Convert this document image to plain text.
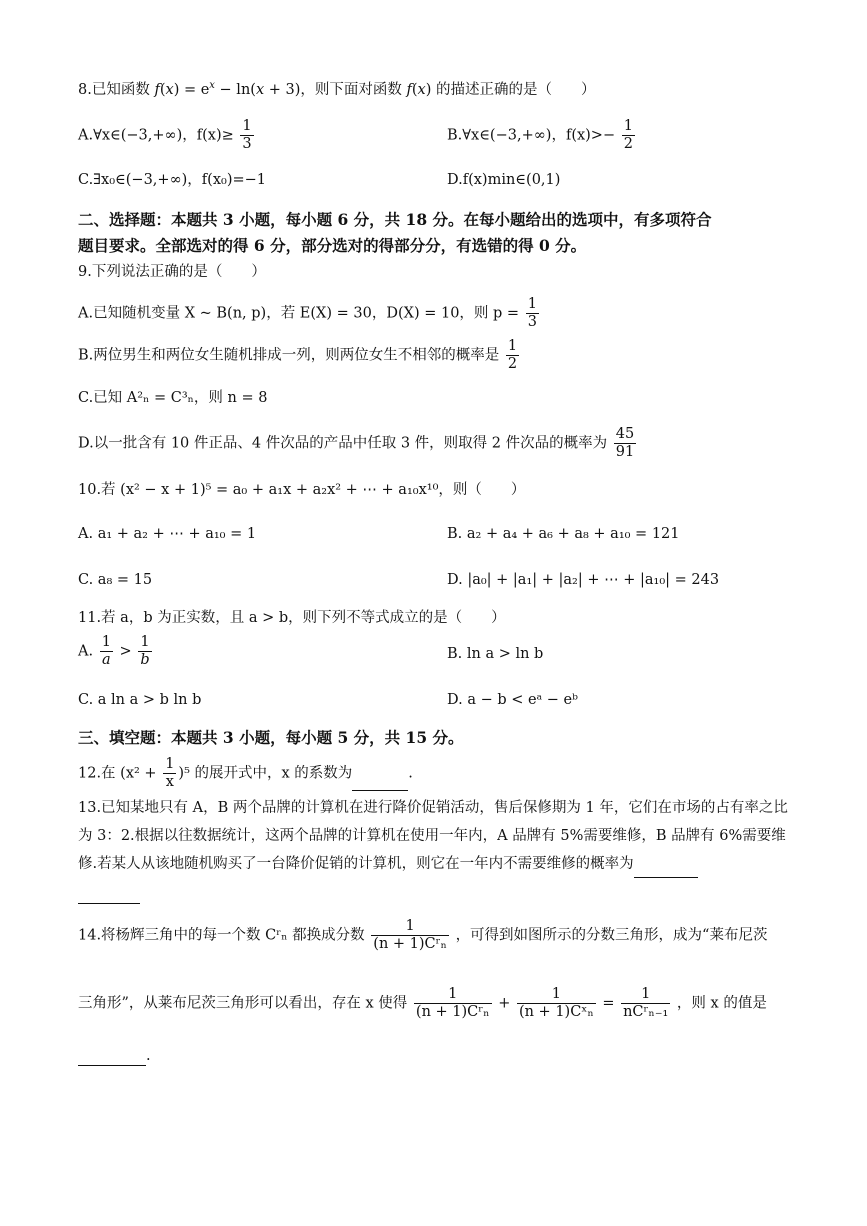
8.已知函数 $f(x) = e^x - \ln(x + 3)$，则下面对函数 f(x) 的描述正确的是（　　）
A.∀x∈(−3,+∞)，$f(x)\ge \frac{1}{3}$	B.∀x∈(−3,+∞)，$f(x)>- \frac{1}{2}$
C.∃x₀∈(−3,+∞)，f(x₀)=−1	D.f(x)min∈(0,1)
二、选择题：本题共 3 小题，每小题 6 分，共 18 分。在每小题给出的选项中，有多项符合
题目要求。全部选对的得 6 分，部分选对的得部分分，有选错的得 0 分。
9.下列说法正确的是（　　）
A.已知随机变量 X ~ B(n, p)，若 E(X) = 30，D(X) = 10，则 $p = \frac{1}{3}$
B.两位男生和两位女生随机排成一列，则两位女生不相邻的概率是 $\frac{1}{2}$
C.已知 A²ₙ = C³ₙ，则 n = 8
D.以一批含有 10 件正品、4 件次品的产品中任取 3 件，则取得 2 件次品的概率为 $\frac{45}{91}$
10.若 (x² − x + 1)⁵ = a₀ + a₁x + a₂x² + ⋯ + a₁₀x¹⁰，则（　　）
A. a₁ + a₂ + ⋯ + a₁₀ = 1	B. a₂ + a₄ + a₆ + a₈ + a₁₀ = 121
C. a₈ = 15	D. |a₀| + |a₁| + |a₂| + ⋯ + |a₁₀| = 243
11.若 a，b 为正实数，且 a > b，则下列不等式成立的是（　　）
A. $\frac{1}{a} > \frac{1}{b}$	B. ln a > ln b
C. a ln a > b ln b	D. a − b < eᵃ − eᵇ
三、填空题：本题共 3 小题，每小题 5 分，共 15 分。
12.在 $(x^2 + \frac{1}{x} )^5$ 的展开式中，x 的系数为	.
13.已知某地只有 A，B 两个品牌的计算机在进行降价促销活动，售后保修期为 1 年，它们在市场的占有率之比为 3：2.根据以往数据统计，这两个品牌的计算机在使用一年内，A 品牌有 5%需要维修，B 品牌有 6%需要维修.若某人从该地随机购买了一台降价促销的计算机，则它在一年内不需要维修的概率为
14.将杨辉三角中的每一个数 Cʳₙ 都换成分数 $\frac{1}{\text{(n + 1)Cʳₙ}}$ ，可得到如图所示的分数三角形，成为“莱布尼茨
三角形”，从莱布尼茨三角形可以看出，存在 x 使得 $\frac{1}{\text{(n + 1)Cʳₙ}} + \frac{1}{\text{(n + 1)Cˣₙ}} = \frac{1}{\text{nCʳₙ₋₁}}$ ，则 x 的值是
.
